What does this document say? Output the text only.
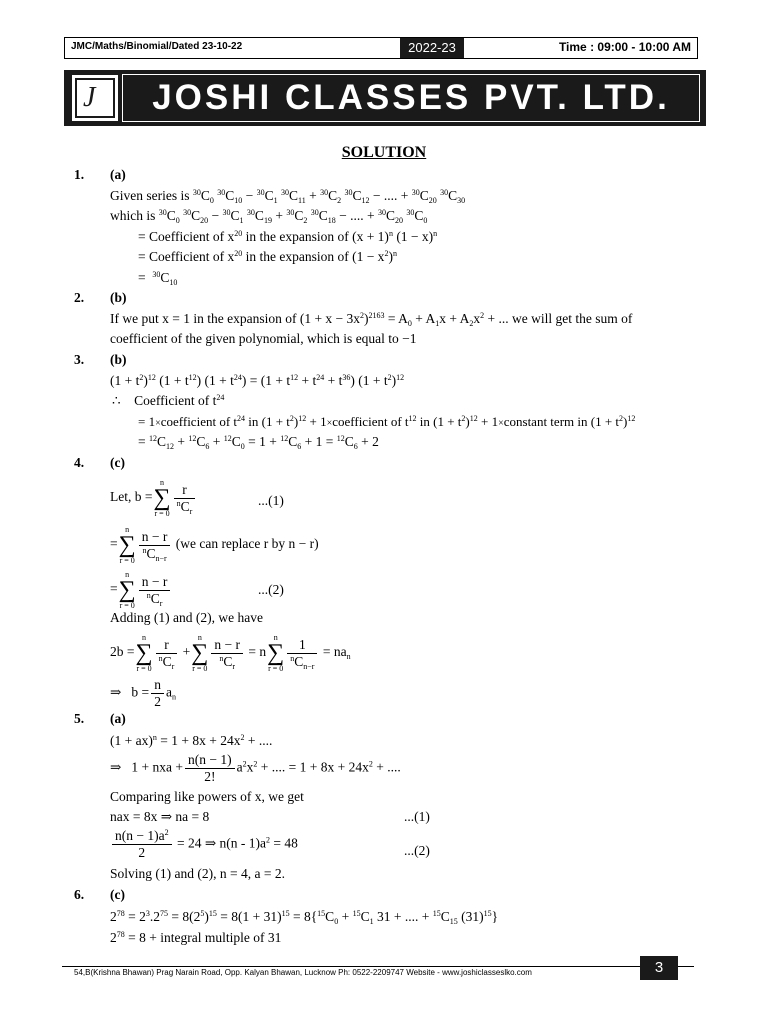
JMC/Maths/Binomial/Dated 23-10-22	2022-23	Time : 09:00 - 10:00 AM
J	JOSHI CLASSES PVT. LTD.
SOLUTION
1. (a)
Given series is $^{30}C_0$ $^{30}C_{10} - ^{30}C_1$ $^{30}C_{11} + ^{30}C_2$ $^{30}C_{12}$ − .... + $^{30}C_{20}$ $^{30}C_{30}$
which is $^{30}C_0$ $^{30}C_{20} - ^{30}C_1$ $^{30}C_{19} + ^{30}C_2$ $^{30}C_{18}$ − .... + $^{30}C_{20}$ $^{30}C_0$
= Coefficient of $x^{20}$ in the expansion of $(x + 1)^n$ $(1 - x)^n$
= Coefficient of $x^{20}$ in the expansion of $(1 - x^2)^n$
=  $^{30}C_{10}$
2. (b)
If we put x = 1 in the expansion of $(1 + x - 3x^2)^{2163} = A_0 + A_1x + A_2x^2$ + ... we will get the sum of
coefficient of the given polynomial, which is equal to −1
3. (b)
$(1 + t^2)^{12}$ $(1 + t^{12})$ $(1 + t^{24}) = (1 + t^{12} + t^{24} + t^{36})$ $(1 + t^2)^{12}$
∴    Coefficient of $t^{24}$
= 1×coefficient of $t^{24}$ in $(1 + t^2)^{12}$ + 1×coefficient of $t^{12}$ in $(1 + t^2)^{12}$ + 1×constant term in $(1 + t^2)^{12}$
= $^{12}C_{12} + ^{12}C_6 + ^{12}C_0 = 1 + ^{12}C_6 + 1 = ^{12}C_6 + 2$
4. (c)
Let, b =
n
∑
$r = 0 \frac{r}{^nC_r}$	...(1)
=
n
∑
$r = 0 \frac{n - r}{^nC_{n-r}} (we$ can replace r by n − r)
=
n
∑
$r = 0 \frac{n - r}{^nC_r}$	...(2)
Adding (1) and (2), we have
2b =
n
∑
$r = 0 \frac{r}{^nC_r}$ +
n
∑
$r = 0 \frac{n - r}{^nC_r} = n$
n
∑
$r = 0 \frac{1}{^nC_{n-r}} = na_n$
⇒   $b = \frac{n}{2} a_n$
5. (a)
$(1 + ax)^n = 1 + 8x + 24x^2$ + ....
⇒   1 + nxa + $\frac{n(n - 1)}{2!} a^2x^2$ + .... = $1 + 8x + 24x^2$ + ....
Comparing like powers of x, we get
nax = 8x ⇒ na = 8	...(1)
$\frac{n(n - 1)a^2}{2} = 24$ ⇒ $n(n - 1)a^2 = 48$	...(2)
Solving (1) and (2), n = 4, a = 2.
6. (c)
$2^{78} = 2^3.2^{75} = 8(2^5)^{15} = 8(1 + 31)^{15} = 8\{^{15}C_0 + ^{15}C_1$ 31 + .... + $^{15}C_{15}$ $(31)^{15}$}
$2^{78} = 8$ + integral multiple of 31
54,B(Krishna Bhawan) Prag Narain Road, Opp. Kalyan Bhawan, Lucknow Ph: 0522-2209747 Website - www.joshiclasseslko.com	3
